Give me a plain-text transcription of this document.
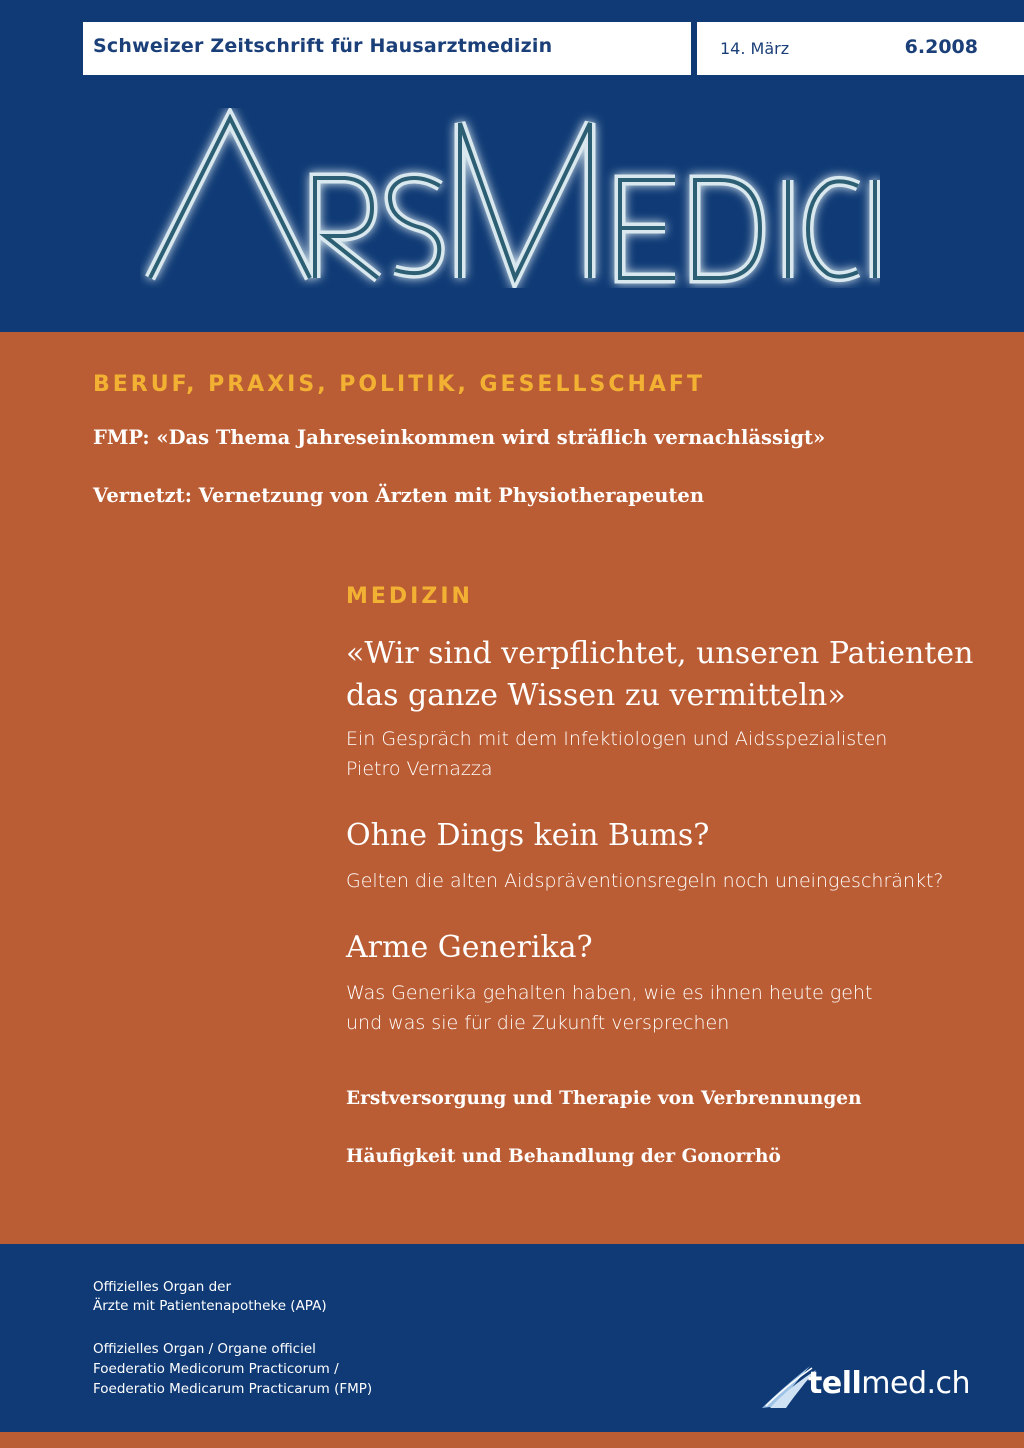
Schweizer Zeitschrift für Hausarztmedizin	14. März	6.2008
BERUF, PRAXIS, POLITIK, GESELLSCHAFT
FMP: «Das Thema Jahreseinkommen wird sträflich vernachlässigt»
Vernetzt: Vernetzung von Ärzten mit Physiotherapeuten
MEDIZIN
«Wir sind verpflichtet, unseren Patienten
das ganze Wissen zu vermitteln»
Ein Gespräch mit dem Infektiologen und Aidsspezialisten
Pietro Vernazza
Ohne Dings kein Bums?
Gelten die alten Aidspräventionsregeln noch uneingeschränkt?
Arme Generika?
Was Generika gehalten haben, wie es ihnen heute geht
und was sie für die Zukunft versprechen
Erstversorgung und Therapie von Verbrennungen
Häufigkeit und Behandlung der Gonorrhö
Offizielles Organ der
Ärzte mit Patientenapotheke (APA)
Offizielles Organ / Organe officiel
Foederatio Medicorum Practicorum /
Foederatio Medicarum Practicarum (FMP)	tellmed.ch
